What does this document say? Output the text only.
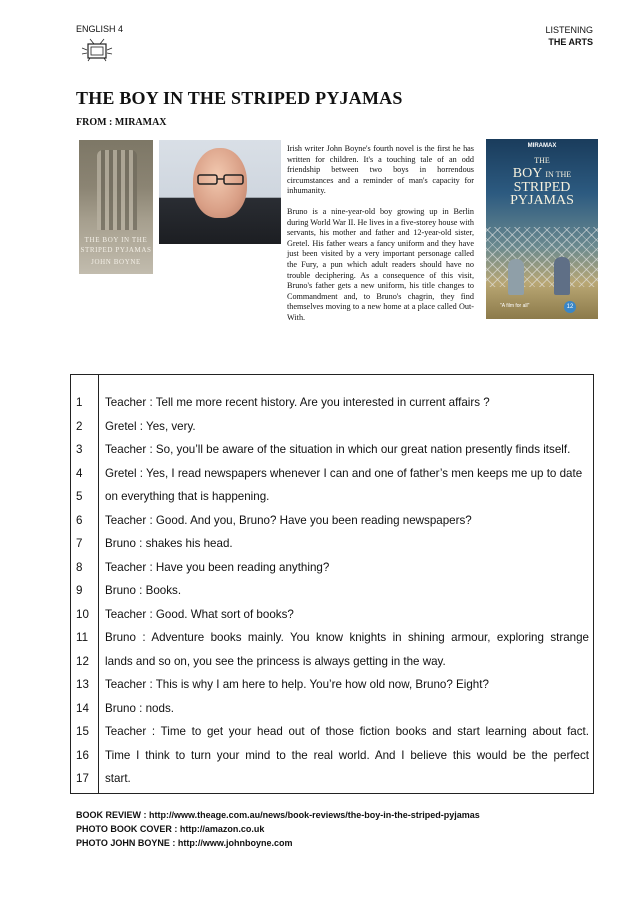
ENGLISH 4	LISTENING
THE ARTS
THE BOY IN THE STRIPED PYJAMAS
FROM : MIRAMAX
THE BOY IN THE
STRIPED PYJAMAS
JOHN BOYNE

Irish writer John Boyne's fourth novel is the first he has written for children. It's a touching tale of an odd friendship between two boys in horrendous circumstances and a reminder of man's capacity for inhumanity.

Bruno is a nine-year-old boy growing up in Berlin during World War II. He lives in a five-storey house with servants, his mother and father and 12-year-old sister, Gretel. His father wears a fancy uniform and they have just been visited by a very important personage called the Fury, a pun which adult readers should have no trouble deciphering. As a consequence of this visit, Bruno's father gets a new uniform, his title changes to Commandment and, to Bruno's chagrin, they find themselves moving to a new home at a place called Out-With.

MIRAMAX
THE
BOY IN THE
STRIPED
PYJAMAS
"A film for all"	12
1	Teacher : Tell me more recent history. Are you interested in current affairs ?
2	Gretel : Yes, very.
3	Teacher : So, you’ll be aware of the situation in which our great nation presently finds itself.
4	Gretel : Yes, I read newspapers whenever I can and one of father’s men keeps me up to date
5	on everything that is happening.
6	Teacher : Good. And you, Bruno? Have you been reading newspapers?
7	Bruno : shakes his head.
8	Teacher : Have you been reading anything?
9	Bruno : Books.
10	Teacher : Good. What sort of books?
11	Bruno : Adventure books mainly. You know knights in shining armour, exploring strange
12	lands and so on, you see the princess is always getting in the way.
13	Teacher : This is why I am here to help. You’re how old now, Bruno? Eight?
14	Bruno : nods.
15	Teacher : Time to get your head out of those fiction books and start learning about fact.
16	Time I think to turn your mind to the real world. And I believe this would be the perfect
17	start.
BOOK REVIEW : http://www.theage.com.au/news/book-reviews/the-boy-in-the-striped-pyjamas
PHOTO BOOK COVER : http://amazon.co.uk
PHOTO JOHN BOYNE : http://www.johnboyne.com
